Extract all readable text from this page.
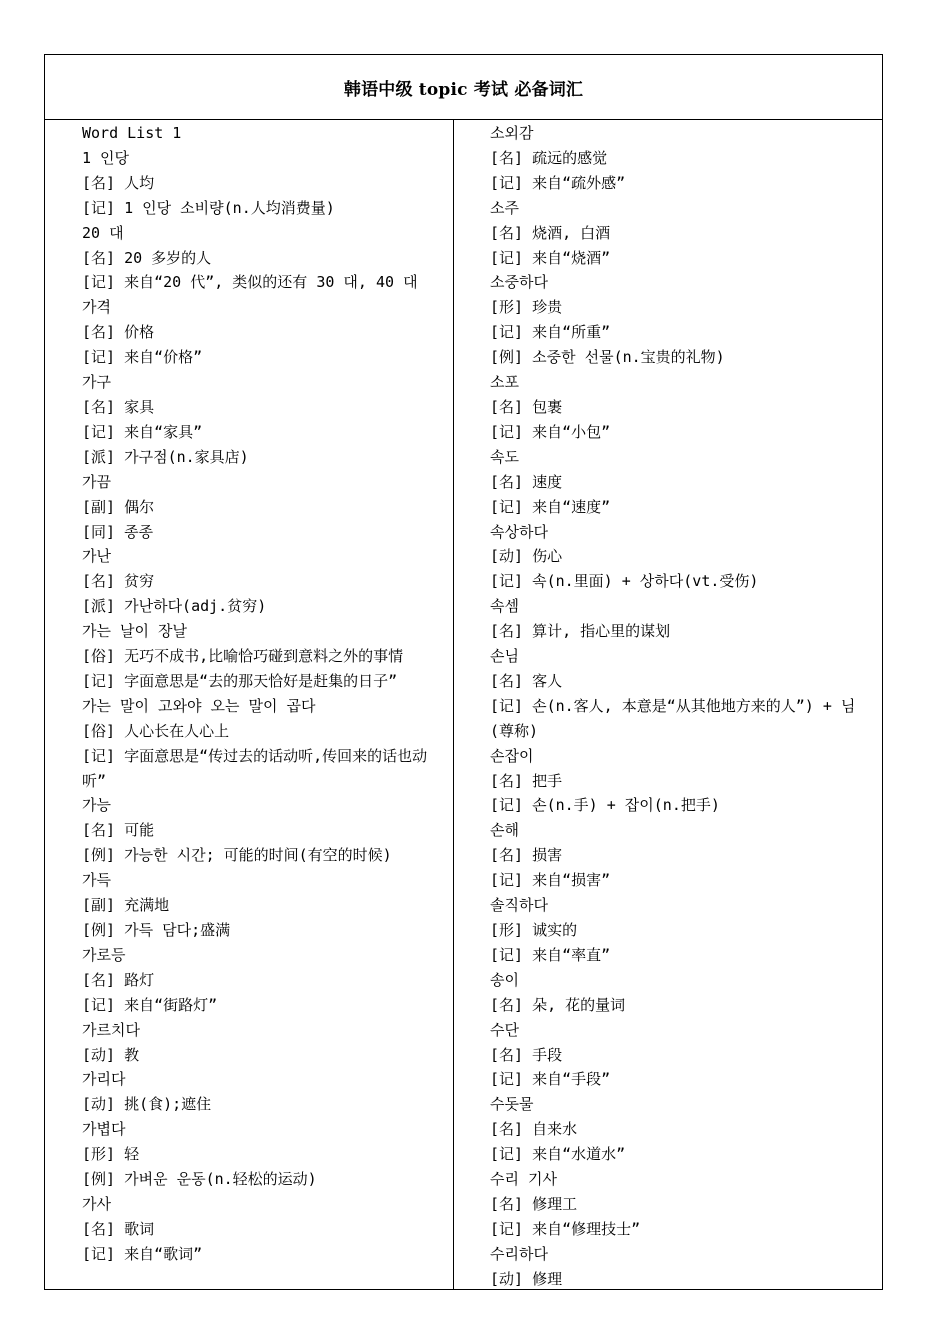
韩语中级 topic 考试 必备词汇
Word List 1
1 인당
[名] 人均
[记] 1 인당 소비량(n.人均消费量)
20 대
[名] 20 多岁的人
[记] 来自“20 代”, 类似的还有 30 대, 40 대
가격
[名] 价格
[记] 来自“价格”
가구
[名] 家具
[记] 来自“家具”
[派] 가구점(n.家具店)
가끔
[副] 偶尔
[同] 종종
가난
[名] 贫穷
[派] 가난하다(adj.贫穷)
가는 날이 장날
[俗] 无巧不成书,比喻恰巧碰到意料之外的事情
[记] 字面意思是“去的那天恰好是赶集的日子”
가는 말이 고와야 오는 말이 곱다
[俗] 人心长在人心上
[记] 字面意思是“传过去的话动听,传回来的话也动听”
가능
[名] 可能
[例] 가능한 시간; 可能的时间(有空的时候)
가득
[副] 充满地
[例] 가득 담다;盛满
가로등
[名] 路灯
[记] 来自“街路灯”
가르치다
[动] 教
가리다
[动] 挑(食);遮住
가볍다
[形] 轻
[例] 가벼운 운동(n.轻松的运动)
가사
[名] 歌词
[记] 来自“歌词”
소외감
[名] 疏远的感觉
[记] 来自“疏外感”
소주
[名] 烧酒, 白酒
[记] 来自“烧酒”
소중하다
[形] 珍贵
[记] 来自“所重”
[例] 소중한 선물(n.宝贵的礼物)
소포
[名] 包裹
[记] 来自“小包”
속도
[名] 速度
[记] 来自“速度”
속상하다
[动] 伤心
[记] 속(n.里面) + 상하다(vt.受伤)
속셈
[名] 算计, 指心里的谋划
손님
[名] 客人
[记] 손(n.客人, 本意是“从其他地方来的人”) + 님(尊称)
손잡이
[名] 把手
[记] 손(n.手) + 잡이(n.把手)
손해
[名] 损害
[记] 来自“损害”
솔직하다
[形] 诚实的
[记] 来自“率直”
송이
[名] 朵, 花的量词
수단
[名] 手段
[记] 来自“手段”
수돗물
[名] 自来水
[记] 来自“水道水”
수리 기사
[名] 修理工
[记] 来自“修理技士”
수리하다
[动] 修理
